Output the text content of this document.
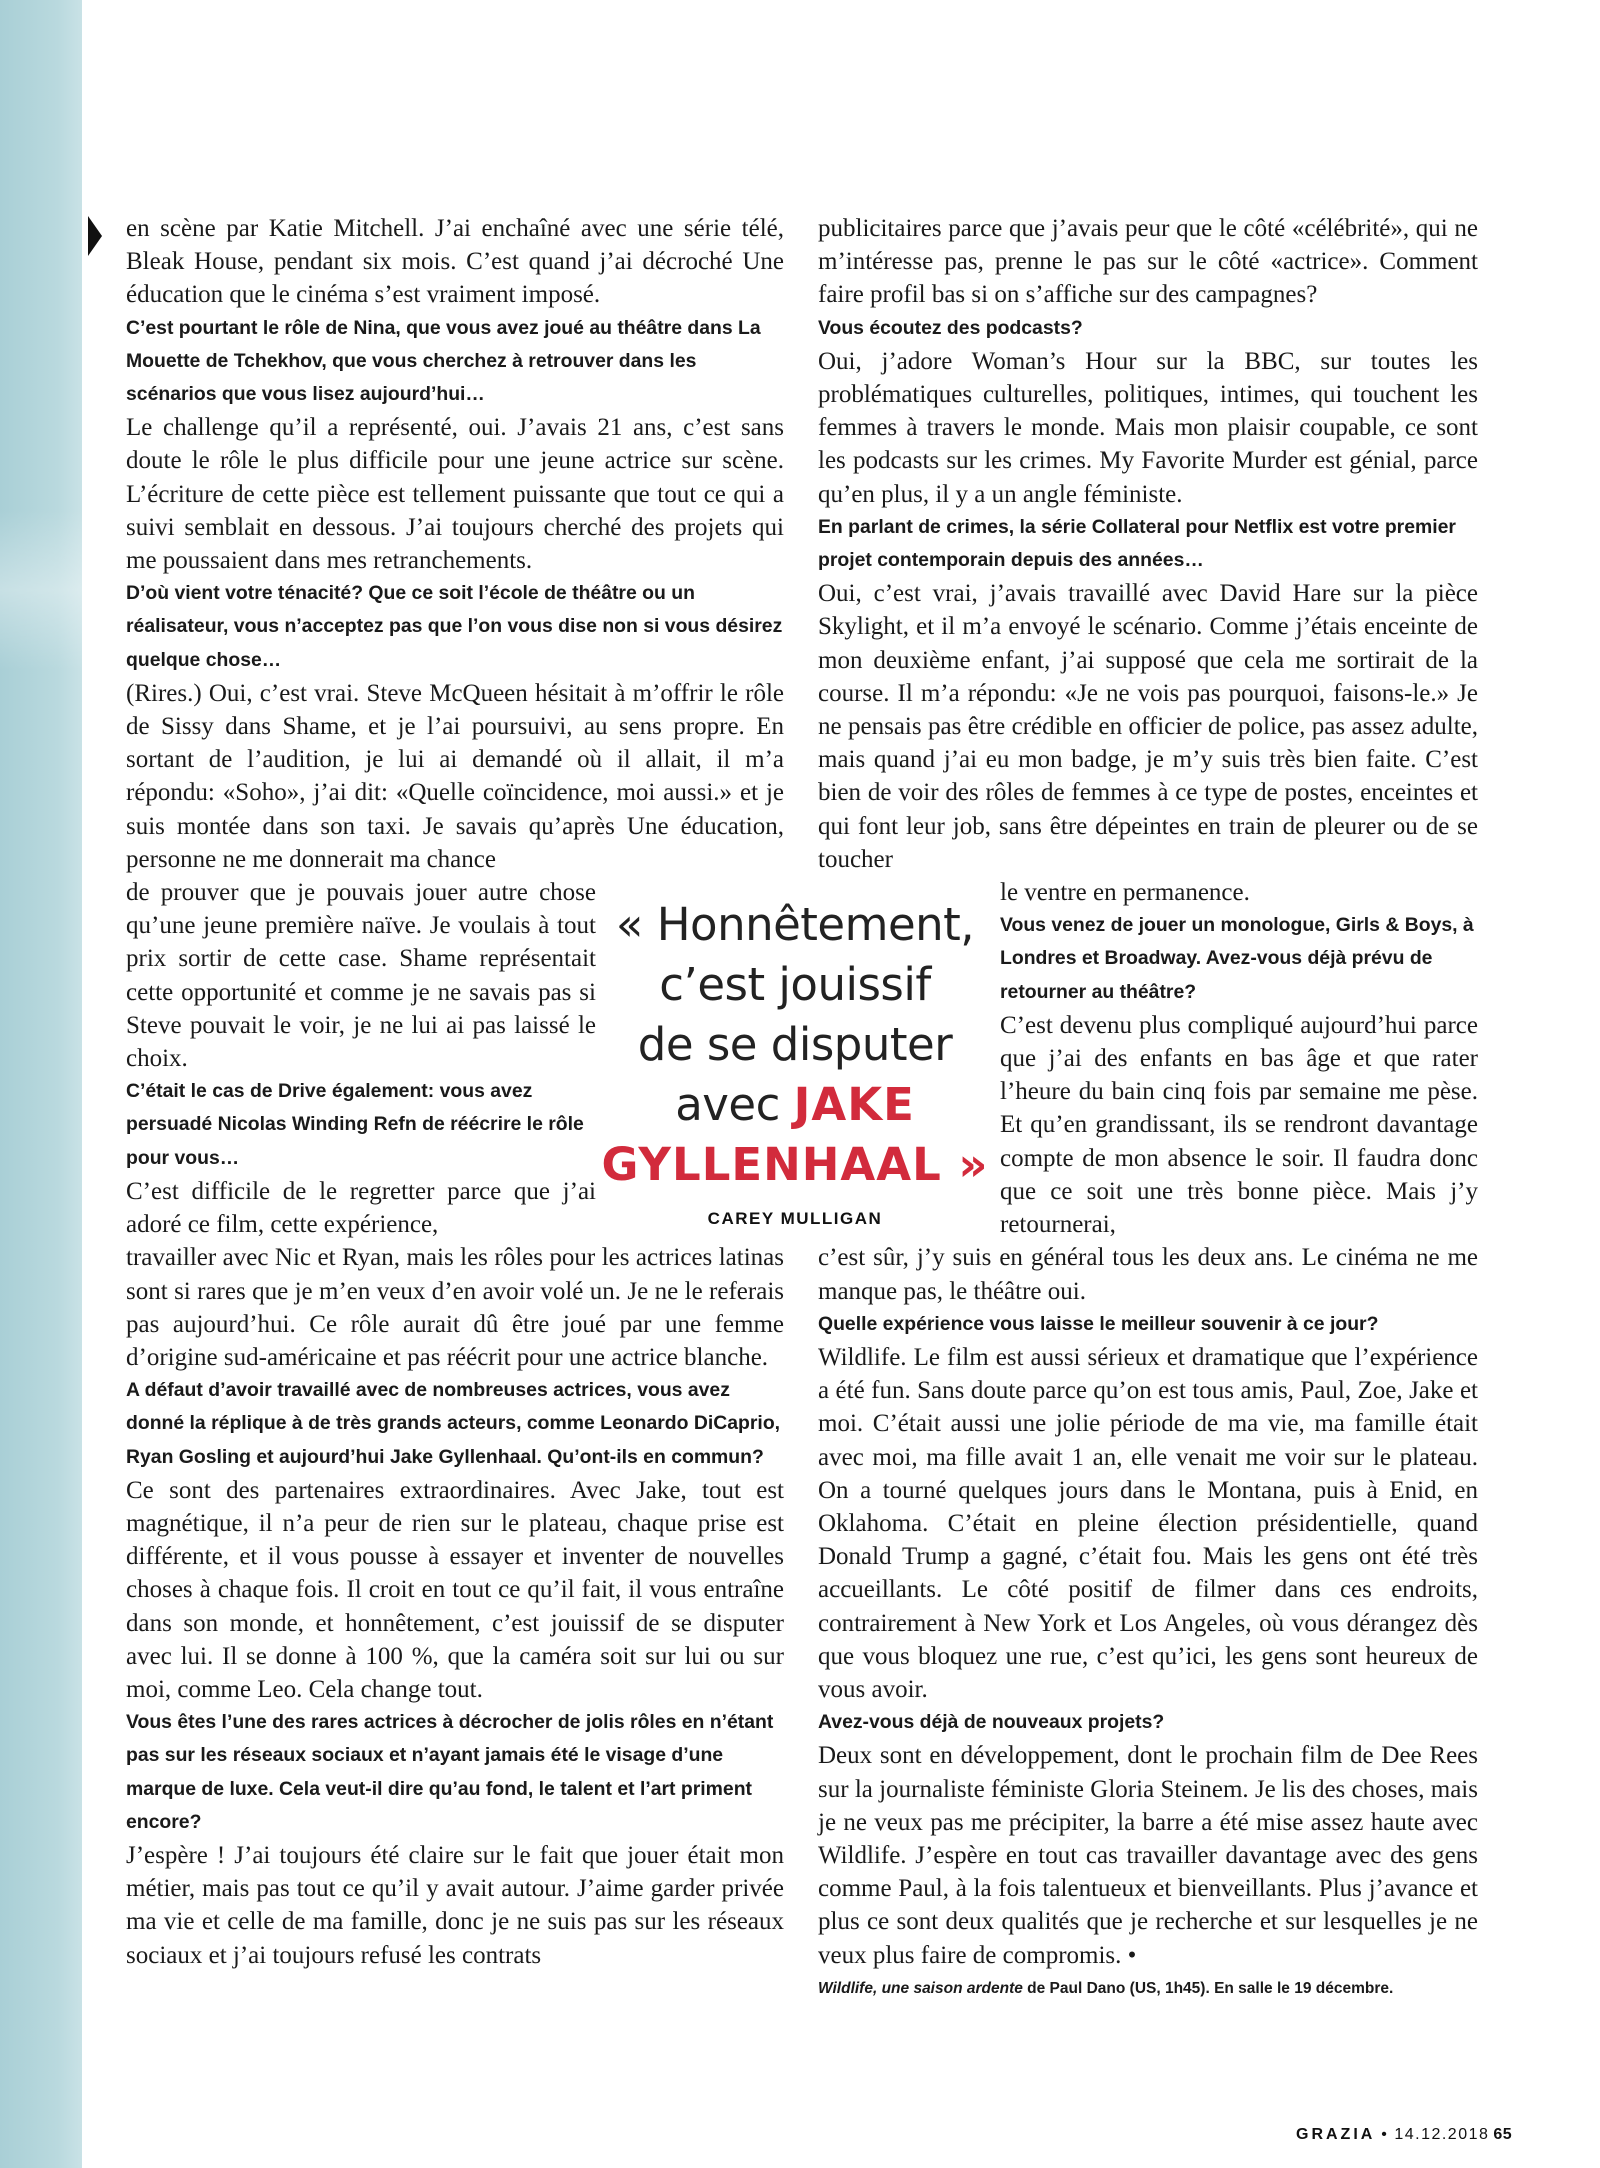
en scène par Katie Mitchell. J’ai enchaîné avec une série télé, Bleak House, pendant six mois. C’est quand j’ai décroché Une éducation que le cinéma s’est vraiment imposé.

C’est pourtant le rôle de Nina, que vous avez joué au théâtre dans La Mouette de Tchekhov, que vous cherchez à retrouver dans les scénarios que vous lisez aujourd’hui…

Le challenge qu’il a représenté, oui. J’avais 21 ans, c’est sans doute le rôle le plus difficile pour une jeune actrice sur scène. L’écriture de cette pièce est tellement puissante que tout ce qui a suivi semblait en dessous. J’ai toujours cherché des projets qui me poussaient dans mes retranchements.

D’où vient votre ténacité? Que ce soit l’école de théâtre ou un réalisateur, vous n’acceptez pas que l’on vous dise non si vous désirez quelque chose…

(Rires.) Oui, c’est vrai. Steve McQueen hésitait à m’offrir le rôle de Sissy dans Shame, et je l’ai poursuivi, au sens propre. En sortant de l’audition, je lui ai demandé où il allait, il m’a répondu: «Soho», j’ai dit: «Quelle coïncidence, moi aussi.» et je suis montée dans son taxi. Je savais qu’après Une éducation, personne ne me donnerait ma chance

de prouver que je pouvais jouer autre chose qu’une jeune première naïve. Je voulais à tout prix sortir de cette case. Shame représentait cette opportunité et comme je ne savais pas si Steve pouvait le voir, je ne lui ai pas laissé le choix.

C’était le cas de Drive également: vous avez persuadé Nicolas Winding Refn de réécrire le rôle pour vous…

C’est difficile de le regretter parce que j’ai adoré ce film, cette expérience,

travailler avec Nic et Ryan, mais les rôles pour les actrices latinas sont si rares que je m’en veux d’en avoir volé un. Je ne le referais pas aujourd’hui. Ce rôle aurait dû être joué par une femme d’origine sud-américaine et pas réécrit pour une actrice blanche.

A défaut d’avoir travaillé avec de nombreuses actrices, vous avez donné la réplique à de très grands acteurs, comme Leonardo DiCaprio, Ryan Gosling et aujourd’hui Jake Gyllenhaal. Qu’ont-ils en commun?

Ce sont des partenaires extraordinaires. Avec Jake, tout est magnétique, il n’a peur de rien sur le plateau, chaque prise est différente, et il vous pousse à essayer et inventer de nouvelles choses à chaque fois. Il croit en tout ce qu’il fait, il vous entraîne dans son monde, et honnêtement, c’est jouissif de se disputer avec lui. Il se donne à 100 %, que la caméra soit sur lui ou sur moi, comme Leo. Cela change tout.

Vous êtes l’une des rares actrices à décrocher de jolis rôles en n’étant pas sur les réseaux sociaux et n’ayant jamais été le visage d’une marque de luxe. Cela veut-il dire qu’au fond, le talent et l’art priment encore?

J’espère ! J’ai toujours été claire sur le fait que jouer était mon métier, mais pas tout ce qu’il y avait autour. J’aime garder privée ma vie et celle de ma famille, donc je ne suis pas sur les réseaux sociaux et j’ai toujours refusé les contrats

« Honnêtement,
c’est jouissif
de se disputer
avec JAKE
GYLLENHAAL »
CAREY MULLIGAN

publicitaires parce que j’avais peur que le côté «célébrité», qui ne m’intéresse pas, prenne le pas sur le côté «actrice». Comment faire profil bas si on s’affiche sur des campagnes?

Vous écoutez des podcasts?

Oui, j’adore Woman’s Hour sur la BBC, sur toutes les problématiques culturelles, politiques, intimes, qui touchent les femmes à travers le monde. Mais mon plaisir coupable, ce sont les podcasts sur les crimes. My Favorite Murder est génial, parce qu’en plus, il y a un angle féministe.

En parlant de crimes, la série Collateral pour Netflix est votre premier projet contemporain depuis des années…

Oui, c’est vrai, j’avais travaillé avec David Hare sur la pièce Skylight, et il m’a envoyé le scénario. Comme j’étais enceinte de mon deuxième enfant, j’ai supposé que cela me sortirait de la course. Il m’a répondu: «Je ne vois pas pourquoi, faisons-le.» Je ne pensais pas être crédible en officier de police, pas assez adulte, mais quand j’ai eu mon badge, je m’y suis très bien faite. C’est bien de voir des rôles de femmes à ce type de postes, enceintes et qui font leur job, sans être dépeintes en train de pleurer ou de se toucher

le ventre en permanence.

Vous venez de jouer un monologue, Girls & Boys, à Londres et Broadway. Avez-vous déjà prévu de retourner au théâtre?

C’est devenu plus compliqué aujourd’hui parce que j’ai des enfants en bas âge et que rater l’heure du bain cinq fois par semaine me pèse. Et qu’en grandissant, ils se rendront davantage compte de mon absence le soir. Il faudra donc que ce soit une très bonne pièce. Mais j’y retournerai,

c’est sûr, j’y suis en général tous les deux ans. Le cinéma ne me manque pas, le théâtre oui.

Quelle expérience vous laisse le meilleur souvenir à ce jour?

Wildlife. Le film est aussi sérieux et dramatique que l’expérience a été fun. Sans doute parce qu’on est tous amis, Paul, Zoe, Jake et moi. C’était aussi une jolie période de ma vie, ma famille était avec moi, ma fille avait 1 an, elle venait me voir sur le plateau. On a tourné quelques jours dans le Montana, puis à Enid, en Oklahoma. C’était en pleine élection présidentielle, quand Donald Trump a gagné, c’était fou. Mais les gens ont été très accueillants. Le côté positif de filmer dans ces endroits, contrairement à New York et Los Angeles, où vous dérangez dès que vous bloquez une rue, c’est qu’ici, les gens sont heureux de vous avoir.

Avez-vous déjà de nouveaux projets?

Deux sont en développement, dont le prochain film de Dee Rees sur la journaliste féministe Gloria Steinem. Je lis des choses, mais je ne veux pas me précipiter, la barre a été mise assez haute avec Wildlife. J’espère en tout cas travailler davantage avec des gens comme Paul, à la fois talentueux et bienveillants. Plus j’avance et plus ce sont deux qualités que je recherche et sur lesquelles je ne veux plus faire de compromis. •

Wildlife, une saison ardente de Paul Dano (US, 1h45). En salle le 19 décembre.
GRAZIA • 14.12.2018 65
